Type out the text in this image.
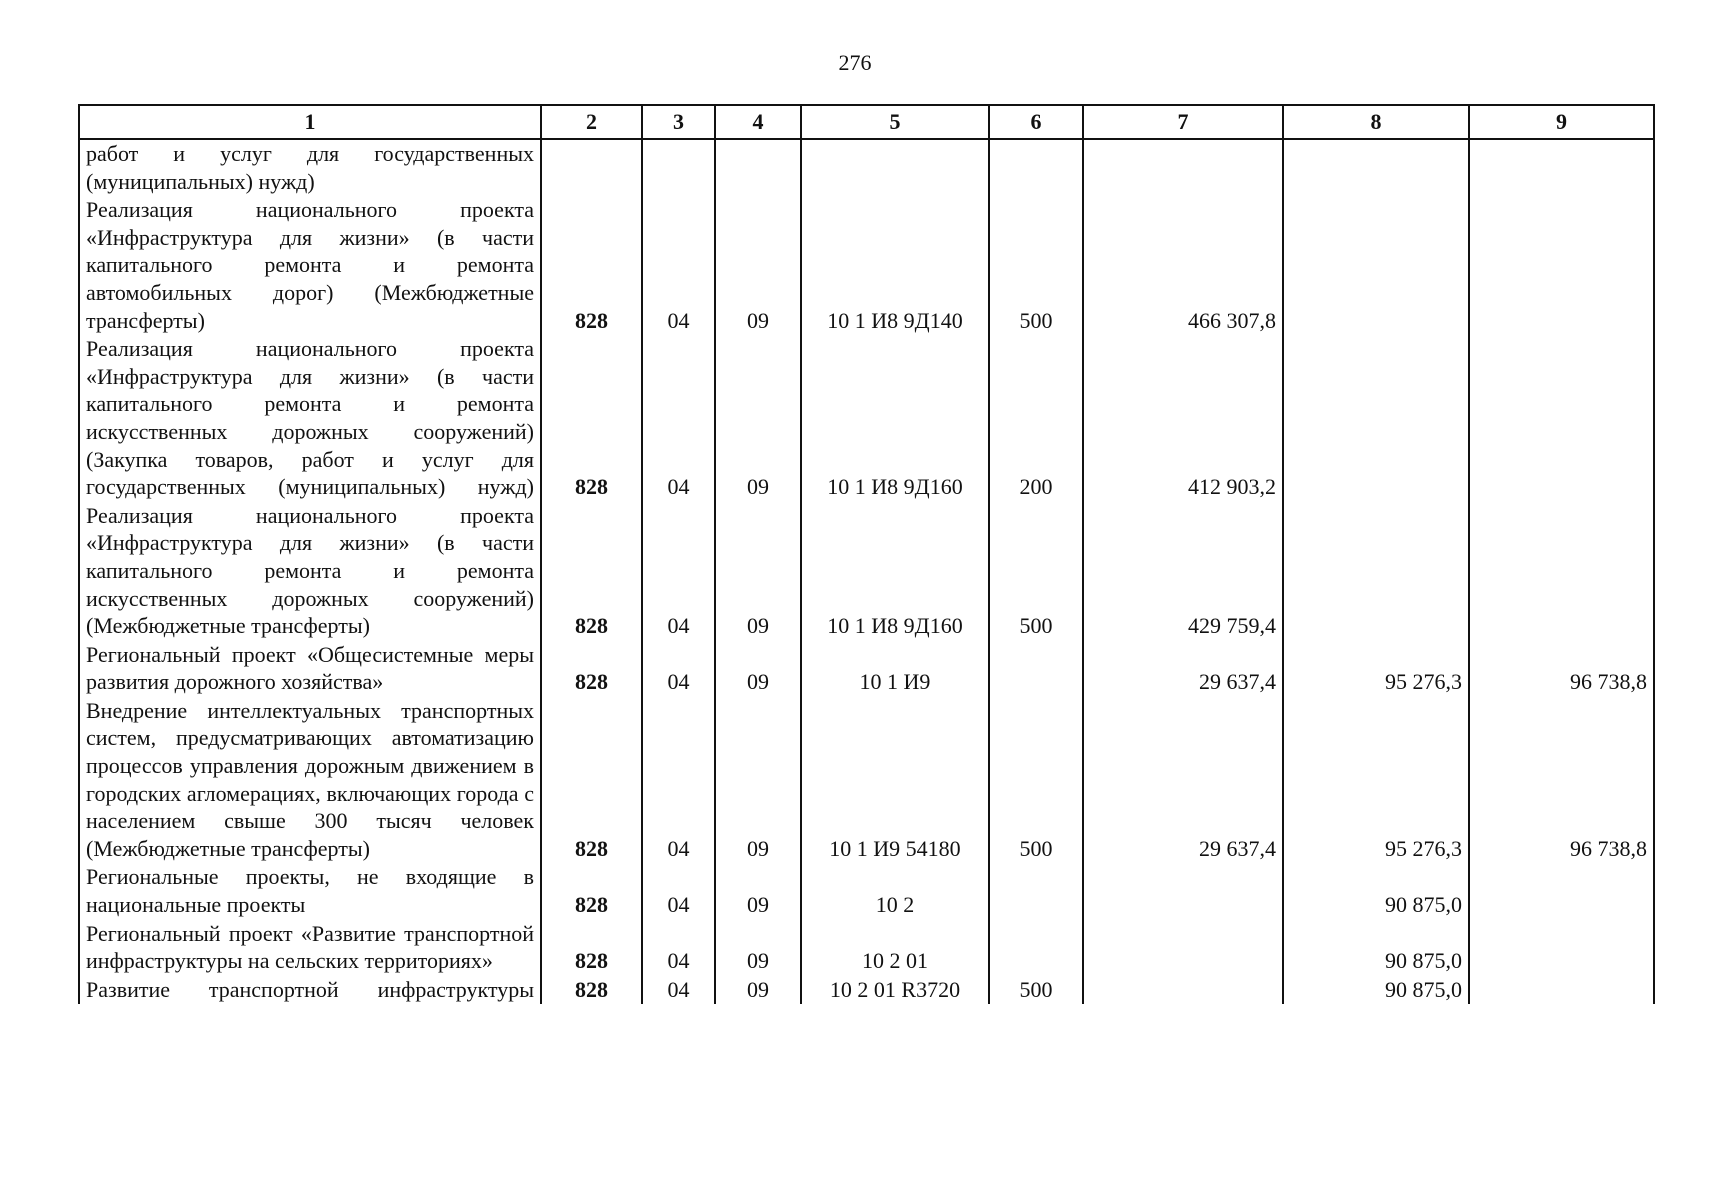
276
1	2	3	4	5	6	7	8	9
работ и услуг для государственных (муниципальных) нужд)								
Реализация национального проекта «Инфраструктура для жизни» (в части капитального ремонта и ремонта автомобильных дорог) (Межбюджетные трансферты)	828	04	09	10 1 И8 9Д140	500	466 307,8		
Реализация национального проекта «Инфраструктура для жизни» (в части капитального ремонта и ремонта искусственных дорожных сооружений) (Закупка товаров, работ и услуг для государственных (муниципальных) нужд)	828	04	09	10 1 И8 9Д160	200	412 903,2		
Реализация национального проекта «Инфраструктура для жизни» (в части капитального ремонта и ремонта искусственных дорожных сооружений) (Межбюджетные трансферты)	828	04	09	10 1 И8 9Д160	500	429 759,4		
Региональный проект «Общесистемные меры развития дорожного хозяйства»	828	04	09	10 1 И9		29 637,4	95 276,3	96 738,8
Внедрение интеллектуальных транспортных систем, предусматривающих автоматизацию процессов управления дорожным движением в городских агломерациях, включающих города с населением свыше 300 тысяч человек (Межбюджетные трансферты)	828	04	09	10 1 И9 54180	500	29 637,4	95 276,3	96 738,8
Региональные проекты, не входящие в национальные проекты	828	04	09	10 2			90 875,0	
Региональный проект «Развитие транспортной инфраструктуры на сельских территориях»	828	04	09	10 2 01			90 875,0	
Развитие транспортной инфраструктуры	828	04	09	10 2 01 R3720	500		90 875,0	
